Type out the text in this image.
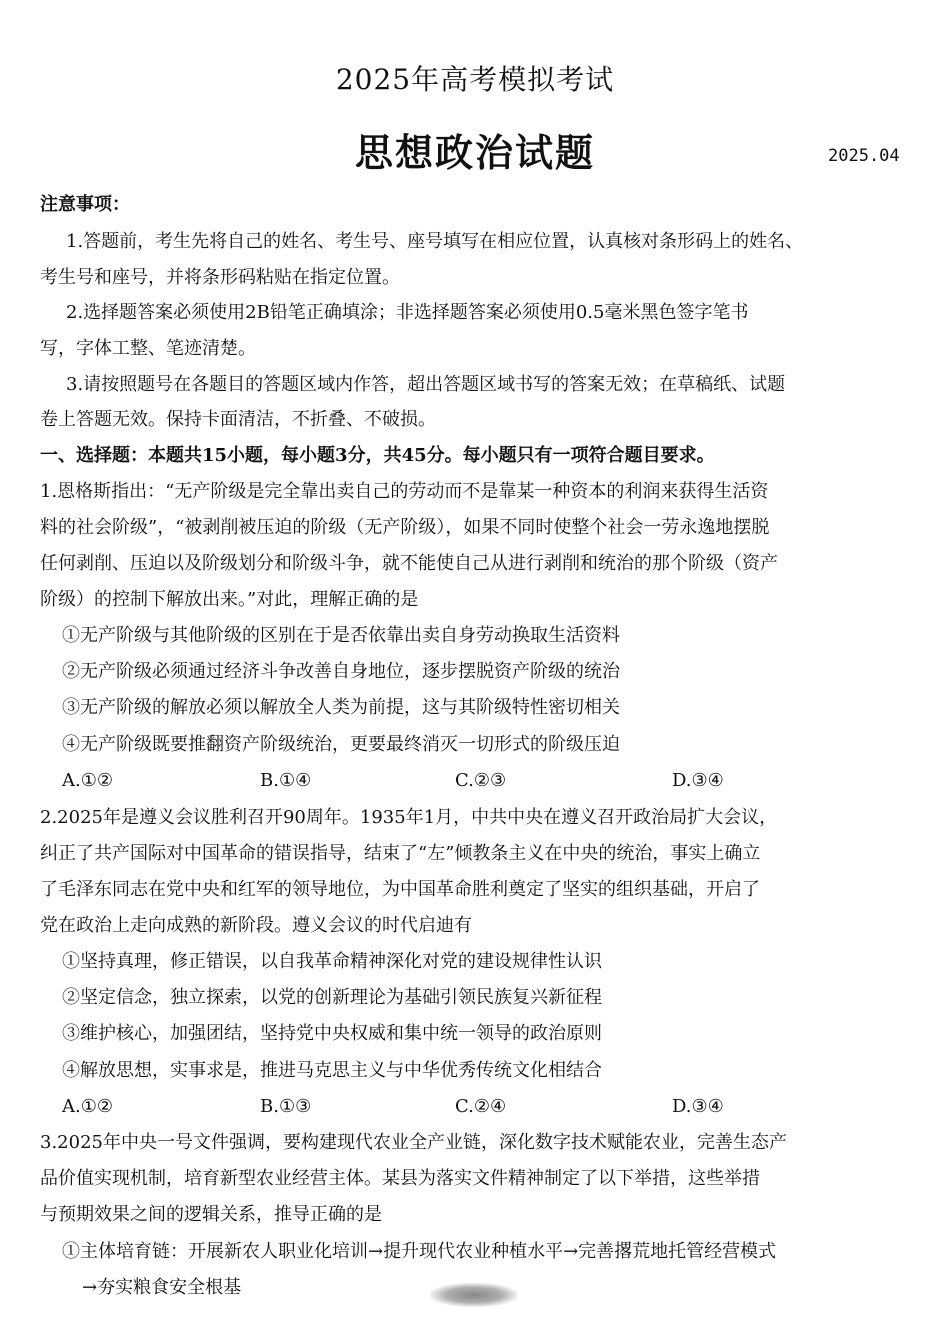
2025年高考模拟考试
思想政治试题	2025.04
注意事项：
1.答题前，考生先将自己的姓名、考生号、座号填写在相应位置，认真核对条形码上的姓名、
考生号和座号，并将条形码粘贴在指定位置。
2.选择题答案必须使用2B铅笔正确填涂；非选择题答案必须使用0.5毫米黑色签字笔书
写，字体工整、笔迹清楚。
3.请按照题号在各题目的答题区域内作答，超出答题区域书写的答案无效；在草稿纸、试题
卷上答题无效。保持卡面清洁，不折叠、不破损。
一、选择题：本题共15小题，每小题3分，共45分。每小题只有一项符合题目要求。
1.恩格斯指出：“无产阶级是完全靠出卖自己的劳动而不是靠某一种资本的利润来获得生活资
料的社会阶级”，“被剥削被压迫的阶级（无产阶级），如果不同时使整个社会一劳永逸地摆脱
任何剥削、压迫以及阶级划分和阶级斗争，就不能使自己从进行剥削和统治的那个阶级（资产
阶级）的控制下解放出来。”对此，理解正确的是
①无产阶级与其他阶级的区别在于是否依靠出卖自身劳动换取生活资料
②无产阶级必须通过经济斗争改善自身地位，逐步摆脱资产阶级的统治
③无产阶级的解放必须以解放全人类为前提，这与其阶级特性密切相关
④无产阶级既要推翻资产阶级统治，更要最终消灭一切形式的阶级压迫
A.①②	B.①④	C.②③	D.③④
2.2025年是遵义会议胜利召开90周年。1935年1月，中共中央在遵义召开政治局扩大会议，
纠正了共产国际对中国革命的错误指导，结束了“左”倾教条主义在中央的统治，事实上确立
了毛泽东同志在党中央和红军的领导地位，为中国革命胜利奠定了坚实的组织基础，开启了
党在政治上走向成熟的新阶段。遵义会议的时代启迪有
①坚持真理，修正错误，以自我革命精神深化对党的建设规律性认识
②坚定信念，独立探索，以党的创新理论为基础引领民族复兴新征程
③维护核心，加强团结，坚持党中央权威和集中统一领导的政治原则
④解放思想，实事求是，推进马克思主义与中华优秀传统文化相结合
A.①②	B.①③	C.②④	D.③④
3.2025年中央一号文件强调，要构建现代农业全产业链，深化数字技术赋能农业，完善生态产
品价值实现机制，培育新型农业经营主体。某县为落实文件精神制定了以下举措，这些举措
与预期效果之间的逻辑关系，推导正确的是
①主体培育链：开展新农人职业化培训→提升现代农业种植水平→完善撂荒地托管经营模式
→夯实粮食安全根基
